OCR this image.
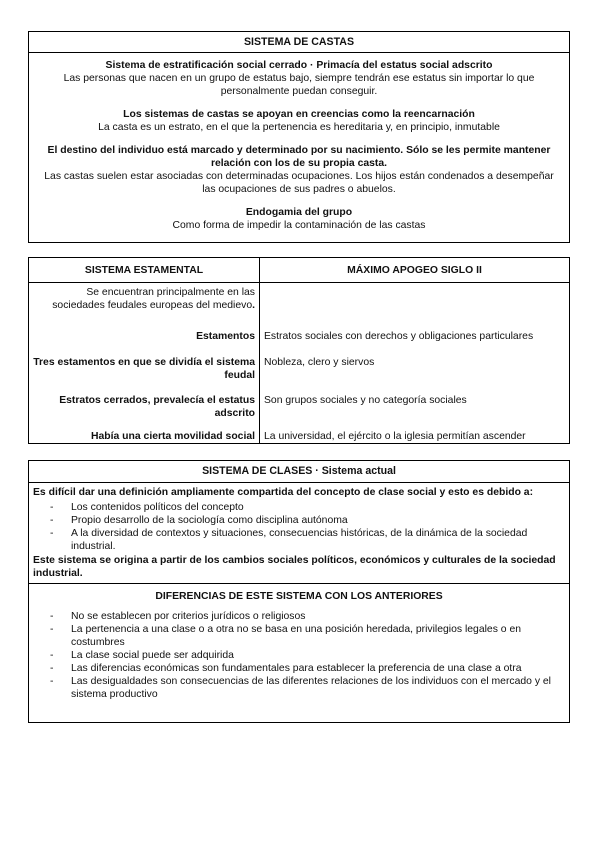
SISTEMA DE CASTAS
Sistema de estratificación social cerrado · Primacía del estatus social adscrito
Las personas que nacen en un grupo de estatus bajo, siempre tendrán ese estatus sin importar lo que personalmente puedan conseguir.
Los sistemas de castas se apoyan en creencias como la reencarnación
La casta es un estrato, en el que la pertenencia es hereditaria y, en principio, inmutable
El destino del individuo está marcado y determinado por su nacimiento. Sólo se les permite mantener relación con los de su propia casta.
Las castas suelen estar asociadas con determinadas ocupaciones. Los hijos están condenados a desempeñar las ocupaciones de sus padres o abuelos.
Endogamia del grupo
Como forma de impedir la contaminación de las castas
SISTEMA ESTAMENTAL	MÁXIMO APOGEO SIGLO II
Se encuentran principalmente en las sociedades feudales europeas del medievo.	
Estamentos	Estratos sociales con derechos y obligaciones particulares
Tres estamentos en que se dividía el sistema feudal	Nobleza, clero y siervos
Estratos cerrados, prevalecía el estatus adscrito	Son grupos sociales y no categoría sociales
Había una cierta movilidad social	La universidad, el ejército o la iglesia permitían ascender
SISTEMA DE CLASES · Sistema actual
Es difícil dar una definición ampliamente compartida del concepto de clase social y esto es debido a:
- Los contenidos políticos del concepto
- Propio desarrollo de la sociología como disciplina autónoma
- A la diversidad de contextos y situaciones, consecuencias históricas, de la dinámica de la sociedad industrial.
Este sistema se origina a partir de los cambios sociales políticos, económicos y culturales de la sociedad industrial.
DIFERENCIAS DE ESTE SISTEMA CON LOS ANTERIORES
- No se establecen por criterios jurídicos o religiosos
- La pertenencia a una clase o a otra no se basa en una posición heredada, privilegios legales o en costumbres
- La clase social puede ser adquirida
- Las diferencias económicas son fundamentales para establecer la preferencia de una clase a otra
- Las desigualdades son consecuencias de las diferentes relaciones de los individuos con el mercado y el sistema productivo
